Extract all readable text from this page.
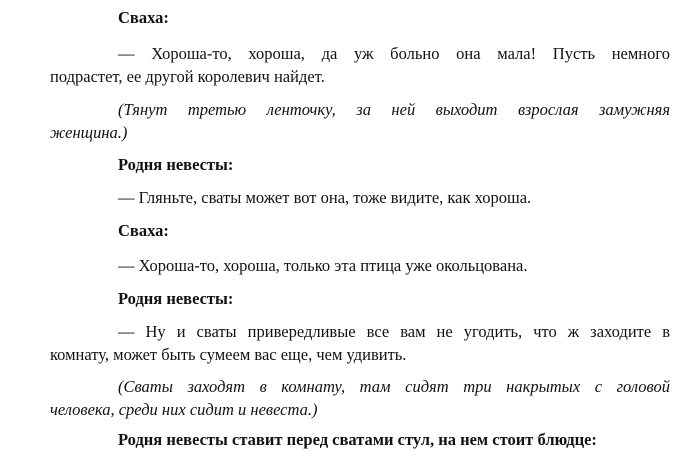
Сваха:
— Хороша-то, хороша, да уж больно она мала! Пусть немного
подрастет, ее другой королевич найдет.
(Тянут третью ленточку, за ней выходит взрослая замужняя
женщина.)
Родня невесты:
— Гляньте, сваты может вот она, тоже видите, как хороша.
Сваха:
— Хороша-то, хороша, только эта птица уже окольцована.
Родня невесты:
— Ну и сваты привередливые все вам не угодить, что ж заходите в
комнату, может быть сумеем вас еще, чем удивить.
(Сваты заходят в комнату, там сидят три накрытых с головой
человека, среди них сидит и невеста.)
Родня невесты ставит перед сватами стул, на нем стоит блюдце:
